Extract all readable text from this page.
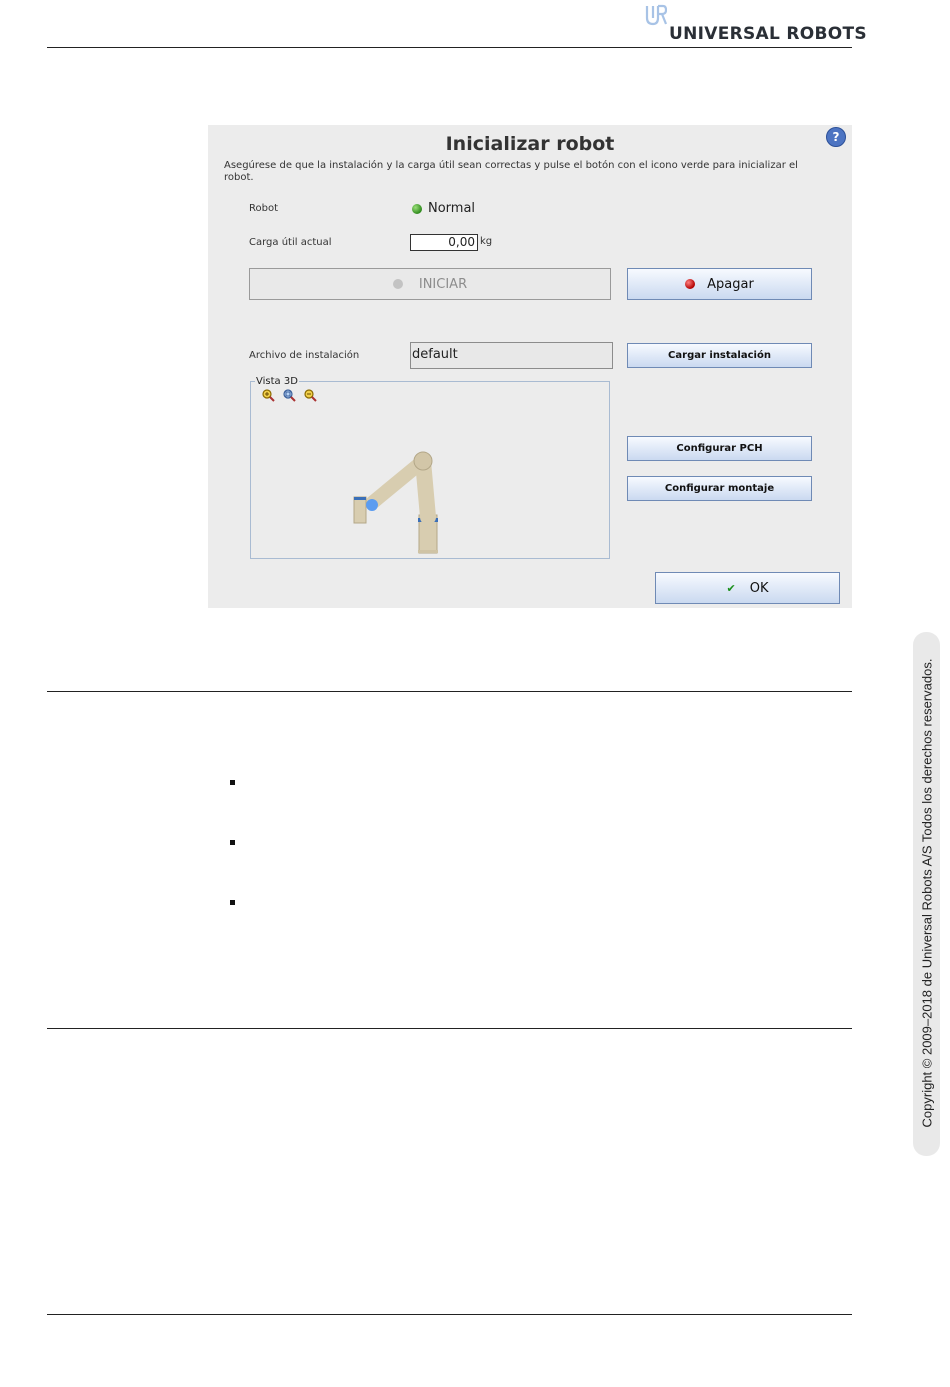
UNIVERSAL ROBOTS
Inicializar robot	?
Asegúrese de que la instalación y la carga útil sean correctas y pulse el botón con el icono verde para inicializar el robot.
Robot	Normal
Carga útil actual	0,00 kg
INICIAR	Apagar
Archivo de instalación	default	Cargar instalación
Vista 3D
Configurar PCH
Configurar montaje
✔ OK
Copyright © 2009–2018 de Universal Robots A/S Todos los derechos reservados.
